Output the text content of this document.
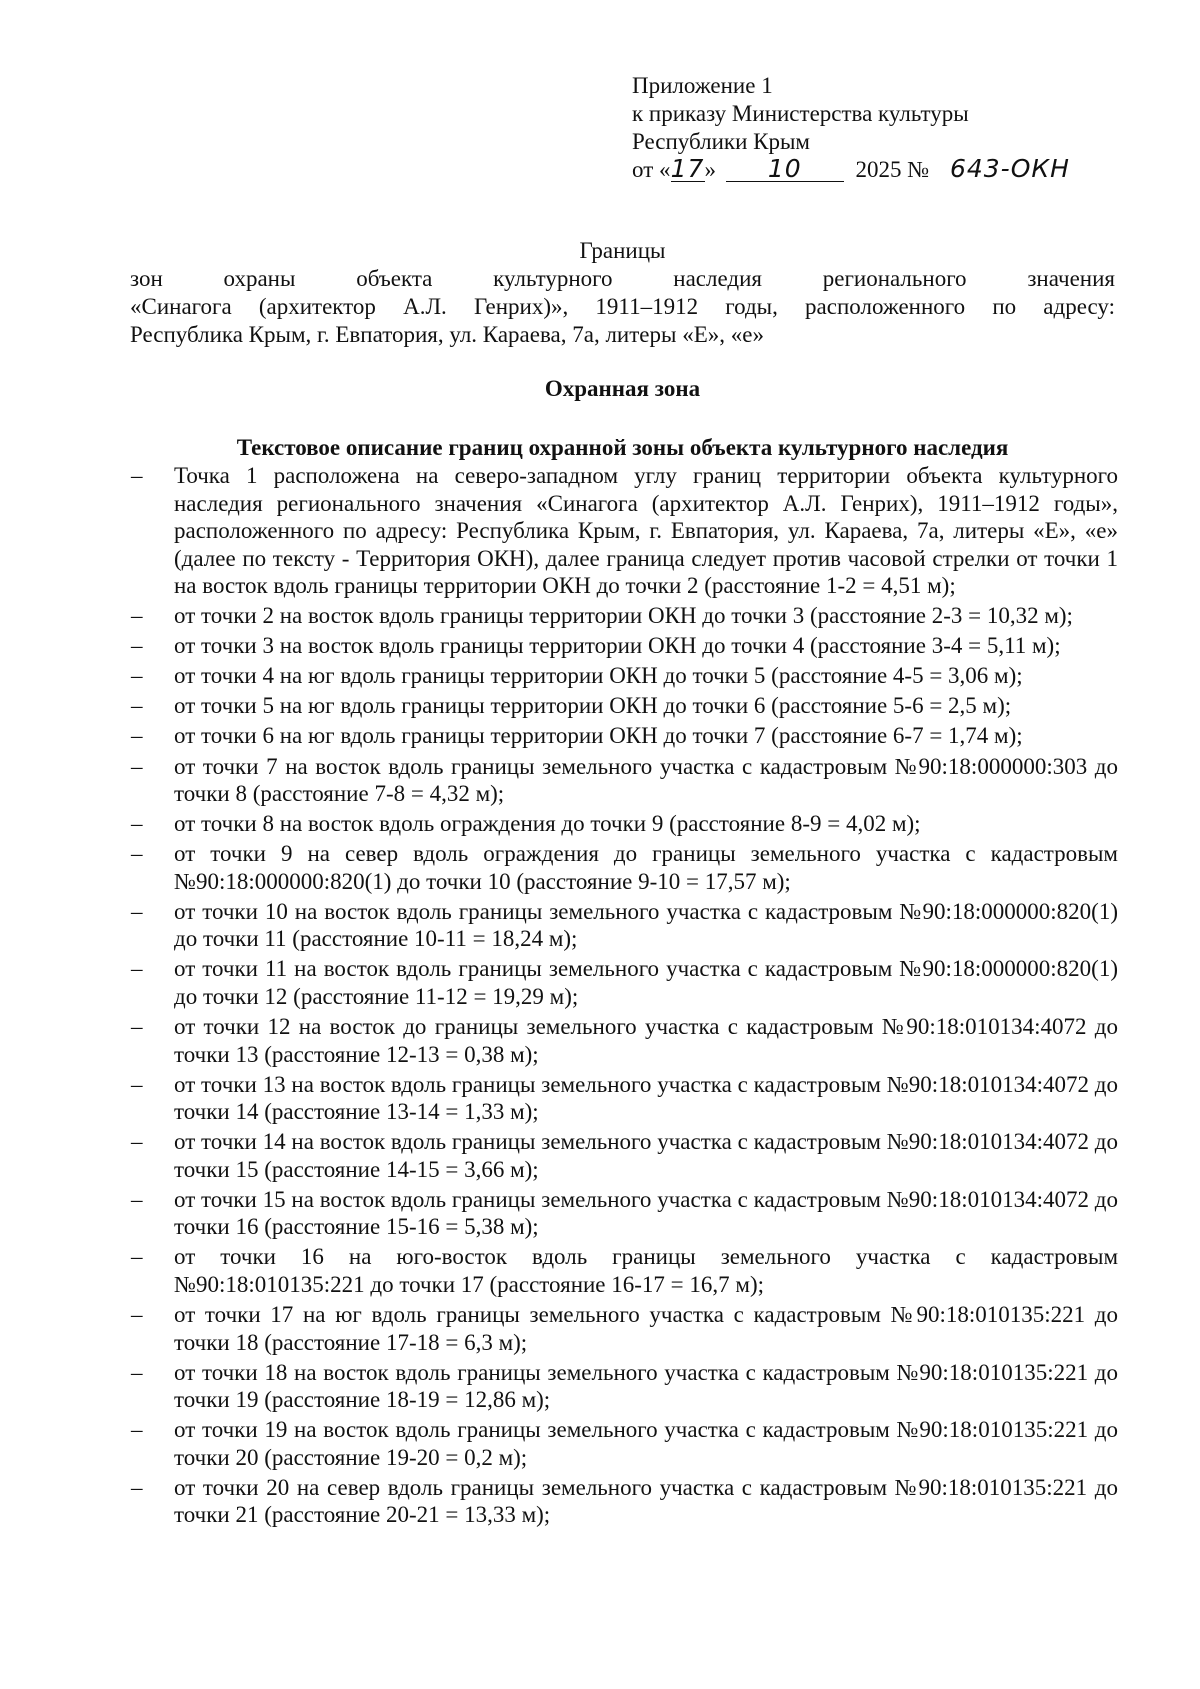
Приложение 1
к приказу Министерства культуры
Республики Крым
от «17» 10 2025 № 643-ОКН
Границы
зон охраны объекта культурного наследия регионального значения
«Синагога (архитектор А.Л. Генрих)», 1911–1912 годы, расположенного по адресу:
Республика Крым, г. Евпатория, ул. Караева, 7а, литеры «Е», «е»
Охранная зона
Текстовое описание границ охранной зоны объекта культурного наследия
– Точка 1 расположена на северо-западном углу границ территории объекта культурного наследия регионального значения «Синагога (архитектор А.Л. Генрих), 1911–1912 годы», расположенного по адресу: Республика Крым, г. Евпатория, ул. Караева, 7а, литеры «Е», «е» (далее по тексту - Территория ОКН), далее граница следует против часовой стрелки от точки 1 на восток вдоль границы территории ОКН до точки 2 (расстояние 1-2 = 4,51 м);
– от точки 2 на восток вдоль границы территории ОКН до точки 3 (расстояние 2-3 = 10,32 м);
– от точки 3 на восток вдоль границы территории ОКН до точки 4 (расстояние 3-4 = 5,11 м);
– от точки 4 на юг вдоль границы территории ОКН до точки 5 (расстояние 4-5 = 3,06 м);
– от точки 5 на юг вдоль границы территории ОКН до точки 6 (расстояние 5-6 = 2,5 м);
– от точки 6 на юг вдоль границы территории ОКН до точки 7 (расстояние 6-7 = 1,74 м);
– от точки 7 на восток вдоль границы земельного участка с кадастровым №90:18:000000:303 до точки 8 (расстояние 7-8 = 4,32 м);
– от точки 8 на восток вдоль ограждения до точки 9 (расстояние 8-9 = 4,02 м);
– от точки 9 на север вдоль ограждения до границы земельного участка с кадастровым №90:18:000000:820(1) до точки 10 (расстояние 9-10 = 17,57 м);
– от точки 10 на восток вдоль границы земельного участка с кадастровым №90:18:000000:820(1) до точки 11 (расстояние 10-11 = 18,24 м);
– от точки 11 на восток вдоль границы земельного участка с кадастровым №90:18:000000:820(1) до точки 12 (расстояние 11-12 = 19,29 м);
– от точки 12 на восток до границы земельного участка с кадастровым №90:18:010134:4072 до точки 13 (расстояние 12-13 = 0,38 м);
– от точки 13 на восток вдоль границы земельного участка с кадастровым №90:18:010134:4072 до точки 14 (расстояние 13-14 = 1,33 м);
– от точки 14 на восток вдоль границы земельного участка с кадастровым №90:18:010134:4072 до точки 15 (расстояние 14-15 = 3,66 м);
– от точки 15 на восток вдоль границы земельного участка с кадастровым №90:18:010134:4072 до точки 16 (расстояние 15-16 = 5,38 м);
– от точки 16 на юго-восток вдоль границы земельного участка с кадастровым №90:18:010135:221 до точки 17 (расстояние 16-17 = 16,7 м);
– от точки 17 на юг вдоль границы земельного участка с кадастровым №90:18:010135:221 до точки 18 (расстояние 17-18 = 6,3 м);
– от точки 18 на восток вдоль границы земельного участка с кадастровым №90:18:010135:221 до точки 19 (расстояние 18-19 = 12,86 м);
– от точки 19 на восток вдоль границы земельного участка с кадастровым №90:18:010135:221 до точки 20 (расстояние 19-20 = 0,2 м);
– от точки 20 на север вдоль границы земельного участка с кадастровым №90:18:010135:221 до точки 21 (расстояние 20-21 = 13,33 м);
